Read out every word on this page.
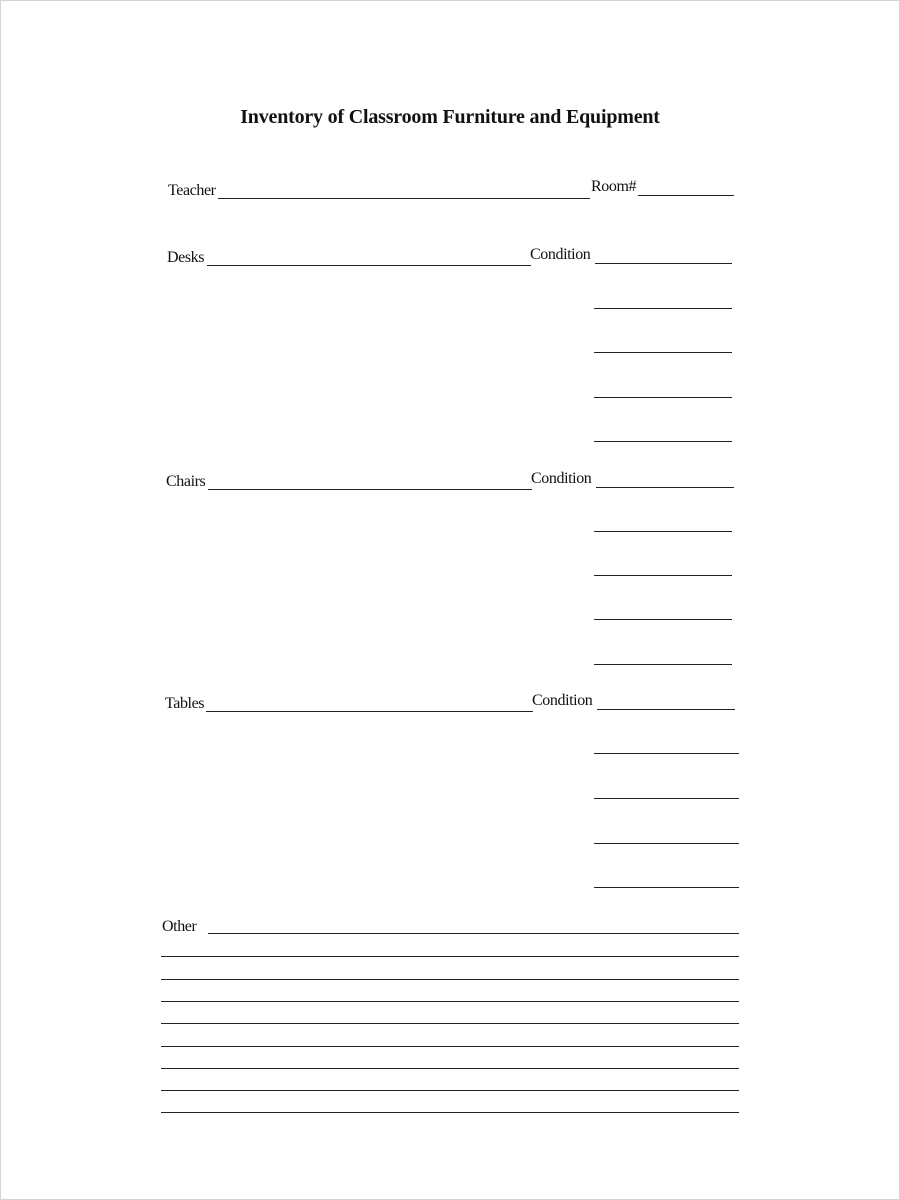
Inventory of Classroom Furniture and Equipment
Teacher	Room#
Desks	Condition
Chairs	Condition
Tables	Condition
Other
